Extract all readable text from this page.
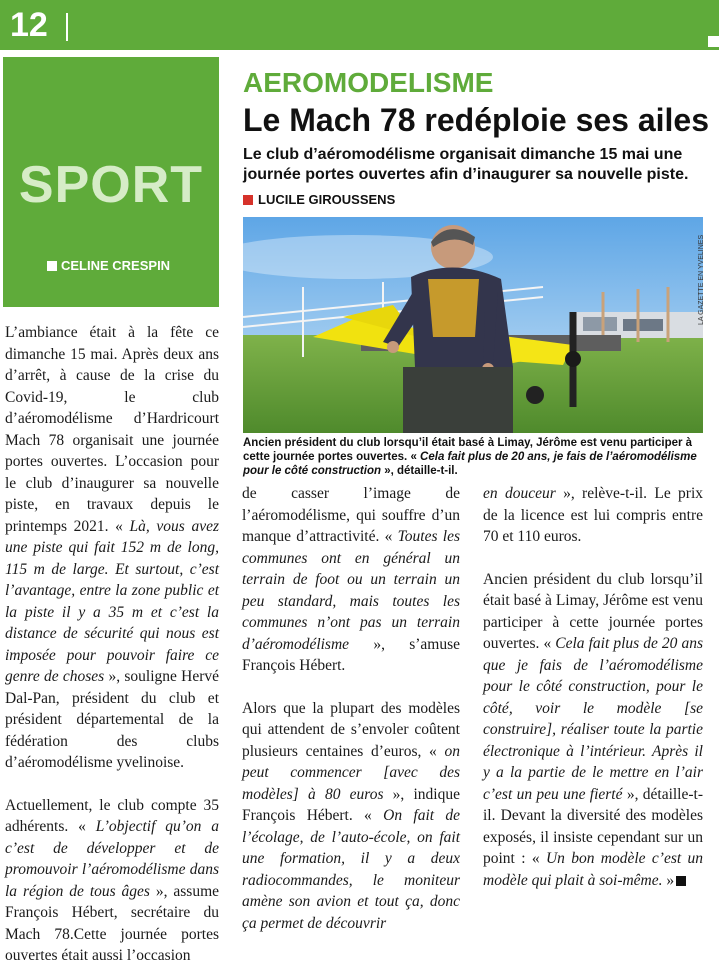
12
SPORT
CELINE CRESPIN
AEROMODELISME
Le Mach 78 redéploie ses ailes
Le club d’aéromodélisme organisait dimanche 15 mai une journée portes ouvertes afin d’inaugurer sa nouvelle piste.
LUCILE GIROUSSENS
LA GAZETTE EN YVELINES
Ancien président du club lorsqu’il était basé à Limay, Jérôme est venu participer à cette journée portes ouvertes. « Cela fait plus de 20 ans, je fais de l’aéromodélisme pour le côté construction », détaille-t-il.

L’ambiance était à la fête ce dimanche 15 mai. Après deux ans d’arrêt, à cause de la crise du Covid-19, le club d’aéromodélisme d’Hardricourt Mach 78 organisait une journée portes ouvertes. L’occasion pour le club d’inaugurer sa nouvelle piste, en travaux depuis le printemps 2021. « Là, vous avez une piste qui fait 152 m de long, 115 m de large. Et surtout, c’est l’avantage, entre la zone public et la piste il y a 35 m et c’est la distance de sécurité qui nous est imposée pour pouvoir faire ce genre de choses », souligne Hervé Dal-Pan, président du club et président départemental de la fédération des clubs d’aéromodélisme yvelinoise.

Actuellement, le club compte 35 adhérents. « L’objectif qu’on a c’est de développer et de promouvoir l’aéromodélisme dans la région de tous âges », assume François Hébert, secrétaire du Mach 78.Cette journée portes ouvertes était aussi l’occasion

de casser l’image de l’aéromodélisme, qui souffre d’un manque d’attractivité. « Toutes les communes ont en général un terrain de foot ou un terrain un peu standard, mais toutes les communes n’ont pas un terrain d’aéromodélisme », s’amuse François Hébert.

Alors que la plupart des modèles qui attendent de s’envoler coûtent plusieurs centaines d’euros, « on peut commencer [avec des modèles] à 80 euros », indique François Hébert. « On fait de l’écolage, de l’auto-école, on fait une formation, il y a deux radiocommandes, le moniteur amène son avion et tout ça, donc ça permet de découvrir

en douceur », relève-t-il. Le prix de la licence est lui compris entre 70 et 110 euros.

Ancien président du club lorsqu’il était basé à Limay, Jérôme est venu participer à cette journée portes ouvertes. « Cela fait plus de 20 ans que je fais de l’aéromodélisme pour le côté construction, pour le côté, voir le modèle [se construire], réaliser toute la partie électronique à l’intérieur. Après il y a la partie de le mettre en l’air c’est un peu une fierté », détaille-t-il. Devant la diversité des modèles exposés, il insiste cependant sur un point : « Un bon modèle c’est un modèle qui plait à soi-même. »
